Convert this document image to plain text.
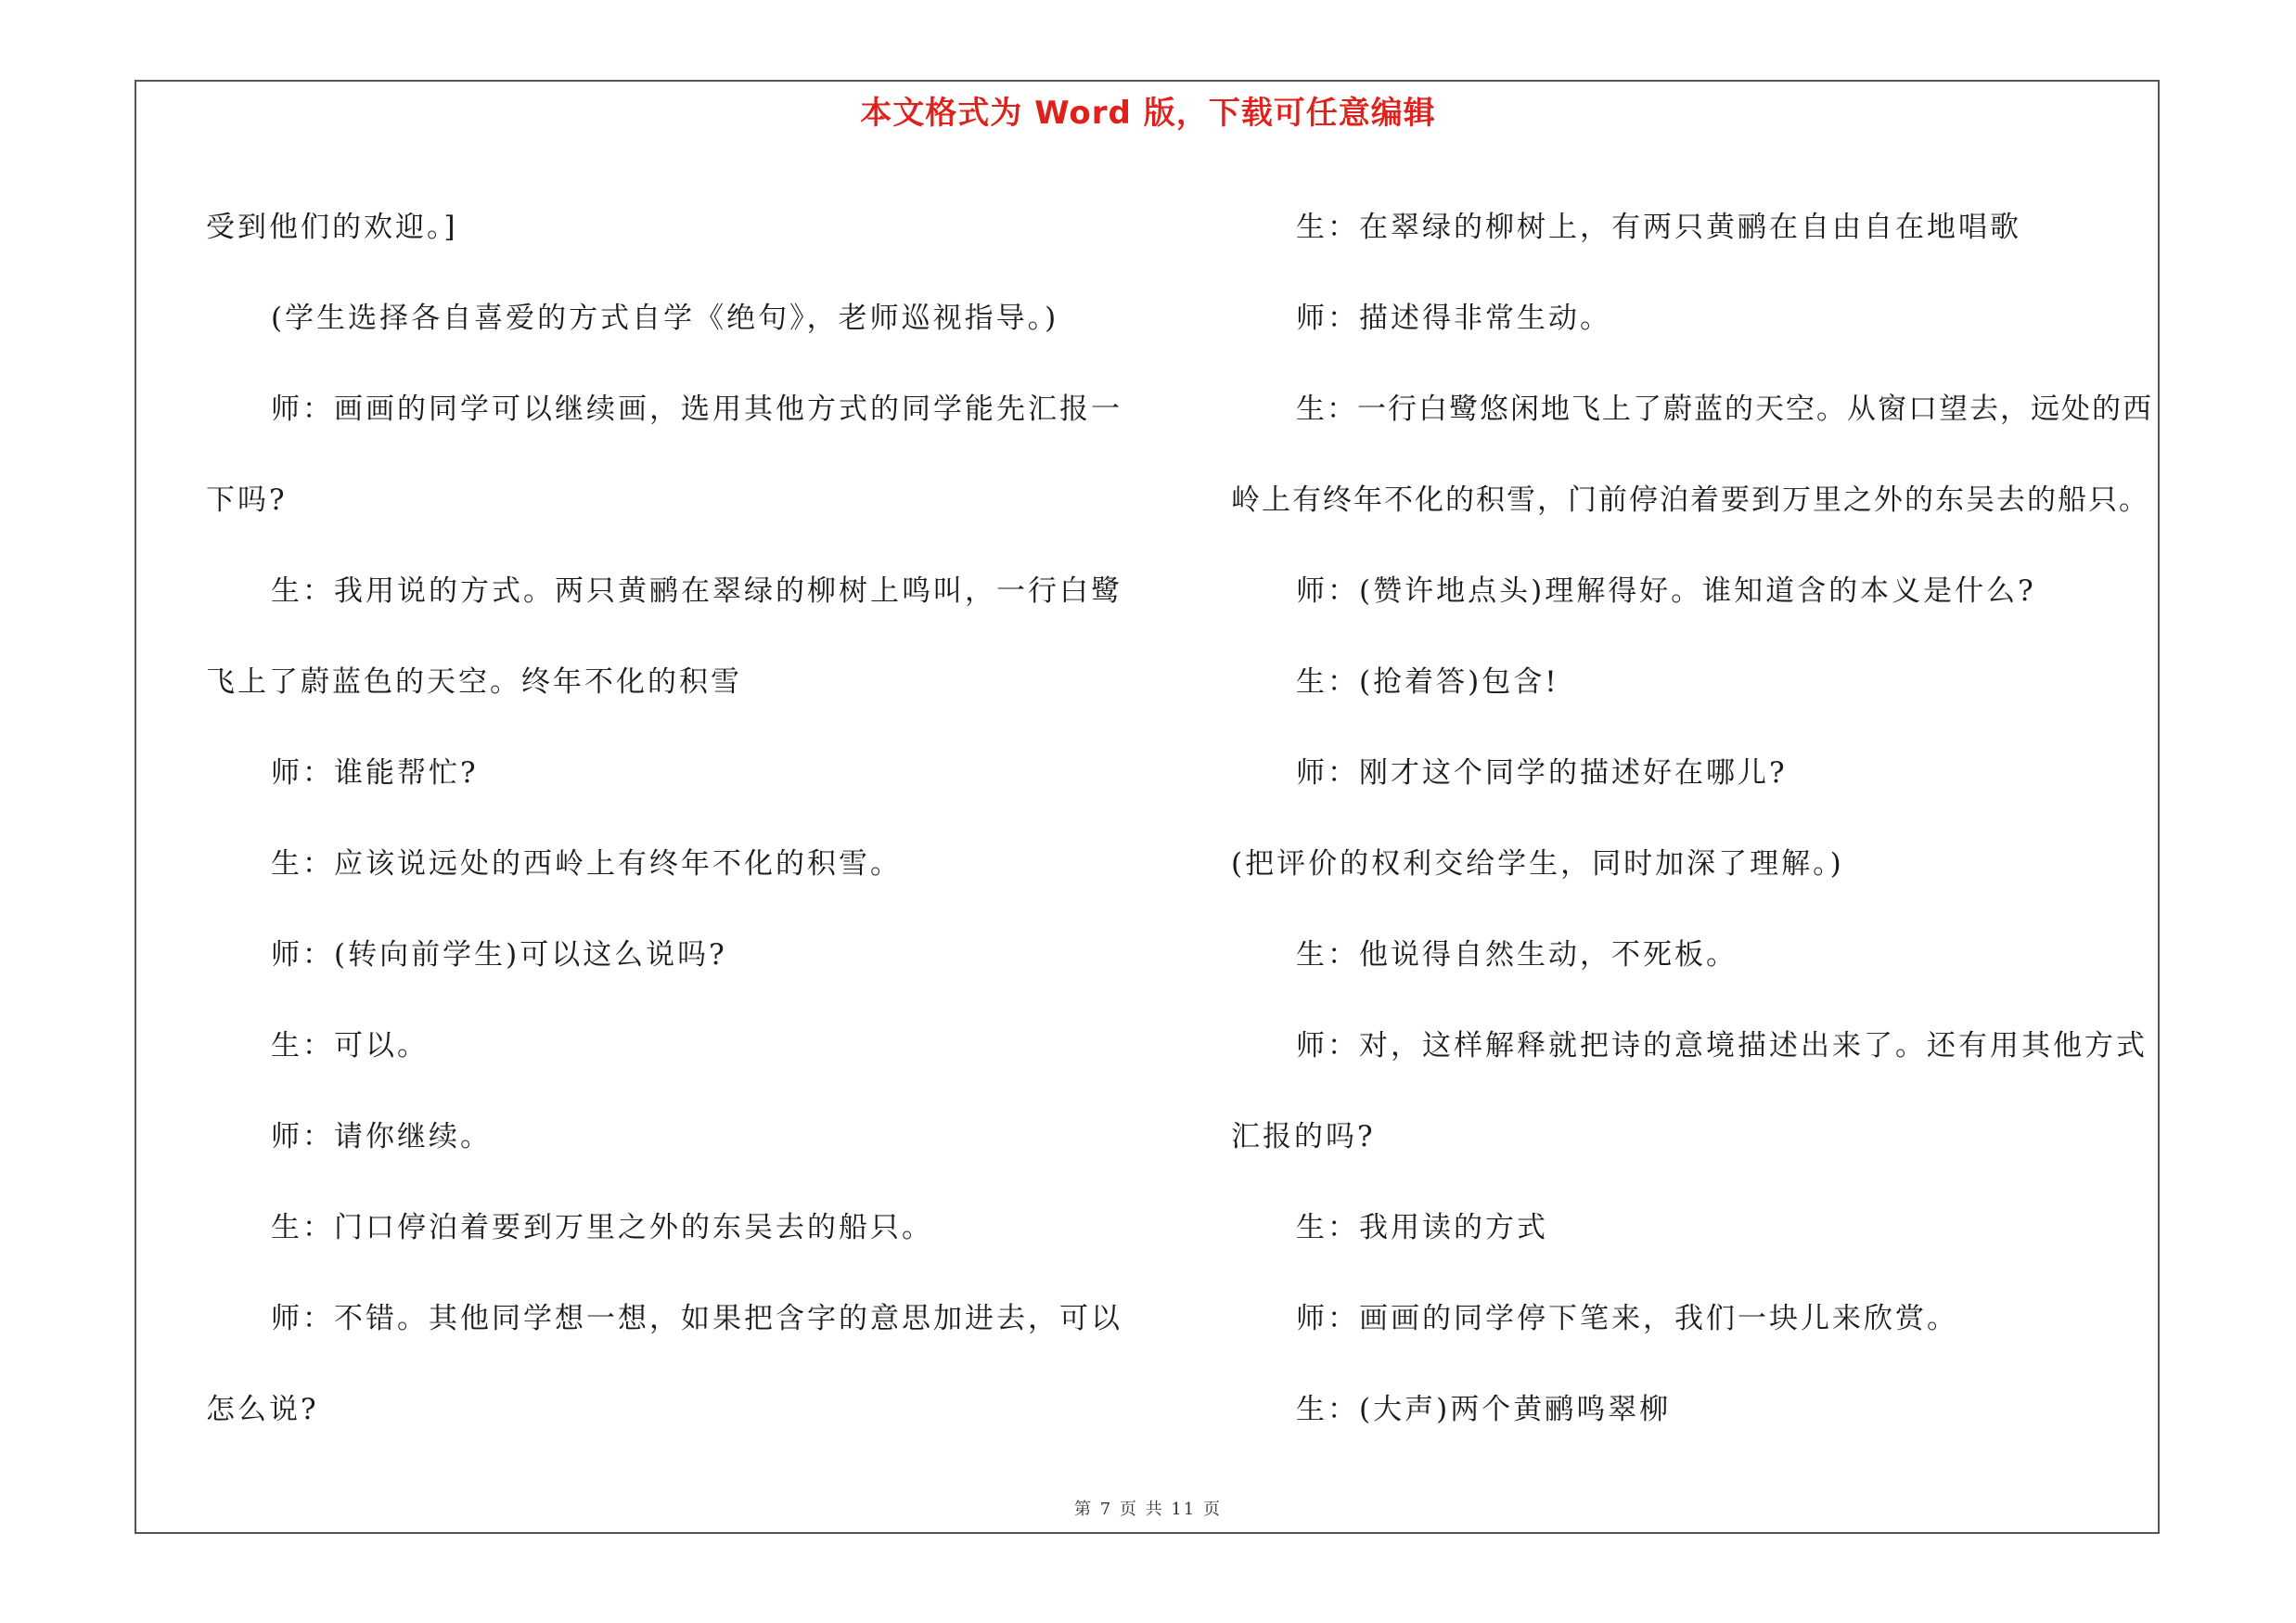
本文格式为 Word 版，下载可任意编辑

受到他们的欢迎。]

(学生选择各自喜爱的方式自学《绝句》，老师巡视指导。)

师：画画的同学可以继续画，选用其他方式的同学能先汇报一下吗?

生：我用说的方式。两只黄鹂在翠绿的柳树上鸣叫，一行白鹭飞上了蔚蓝色的天空。终年不化的积雪

师：谁能帮忙?

生：应该说远处的西岭上有终年不化的积雪。

师：(转向前学生)可以这么说吗?

生：可以。

师：请你继续。

生：门口停泊着要到万里之外的东吴去的船只。

师：不错。其他同学想一想，如果把含字的意思加进去，可以怎么说?

生：在翠绿的柳树上，有两只黄鹂在自由自在地唱歌

师：描述得非常生动。

生：一行白鹭悠闲地飞上了蔚蓝的天空。从窗口望去，远处的西岭上有终年不化的积雪，门前停泊着要到万里之外的东吴去的船只。

师：(赞许地点头)理解得好。谁知道含的本义是什么?

生：(抢着答)包含!

师：刚才这个同学的描述好在哪儿?

(把评价的权利交给学生，同时加深了理解。)

生：他说得自然生动，不死板。

师：对，这样解释就把诗的意境描述出来了。还有用其他方式汇报的吗?

生：我用读的方式

师：画画的同学停下笔来，我们一块儿来欣赏。

生：(大声)两个黄鹂鸣翠柳

第 7 页 共 11 页
